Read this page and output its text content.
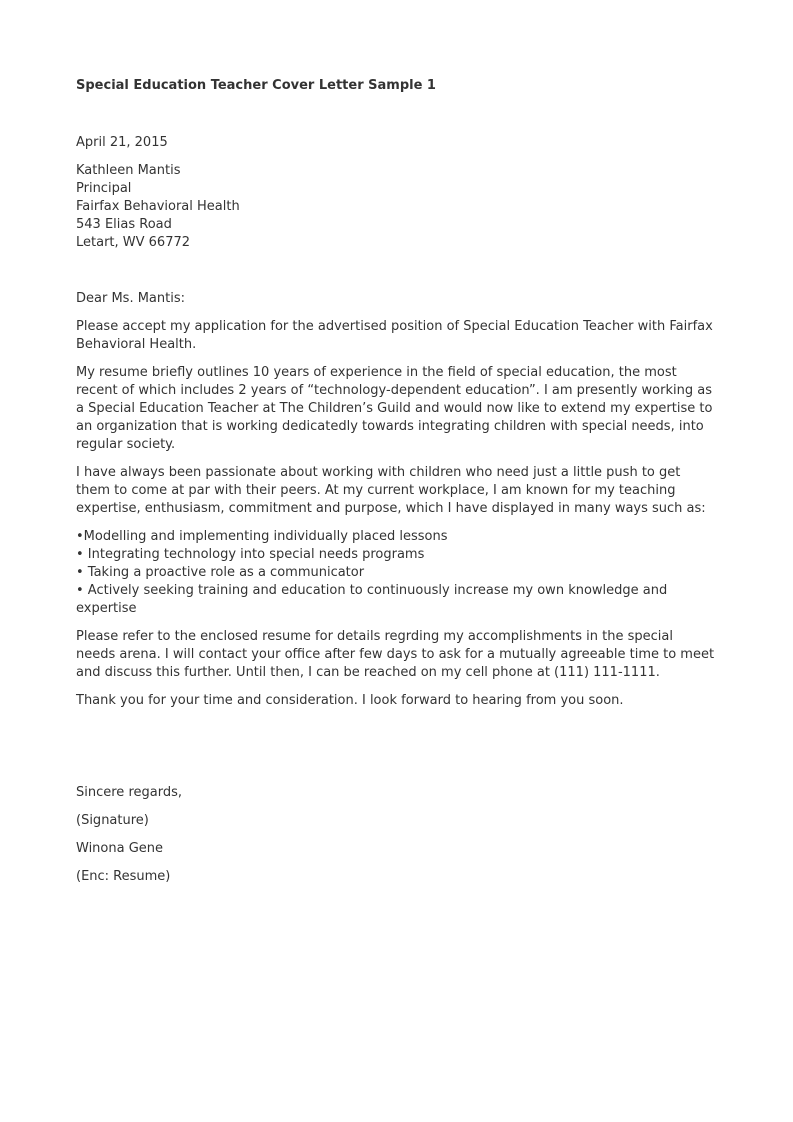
Special Education Teacher Cover Letter Sample 1
April 21, 2015
Kathleen Mantis
Principal
Fairfax Behavioral Health
543 Elias Road
Letart, WV 66772

Dear Ms. Mantis:

Please accept my application for the advertised position of Special Education Teacher with Fairfax Behavioral Health.

My resume briefly outlines 10 years of experience in the field of special education, the most recent of which includes 2 years of “technology-dependent education”. I am presently working as a Special Education Teacher at The Children’s Guild and would now like to extend my expertise to an organization that is working dedicatedly towards integrating children with special needs, into regular society.

I have always been passionate about working with children who need just a little push to get them to come at par with their peers. At my current workplace, I am known for my teaching expertise, enthusiasm, commitment and purpose, which I have displayed in many ways such as:

•Modelling and implementing individually placed lessons
• Integrating technology into special needs programs
• Taking a proactive role as a communicator
• Actively seeking training and education to continuously increase my own knowledge and expertise

Please refer to the enclosed resume for details regrding my accomplishments in the special needs arena. I will contact your office after few days to ask for a mutually agreeable time to meet and discuss this further. Until then, I can be reached on my cell phone at (111) 111-1111.

Thank you for your time and consideration. I look forward to hearing from you soon.

Sincere regards,

(Signature)

Winona Gene

(Enc: Resume)
